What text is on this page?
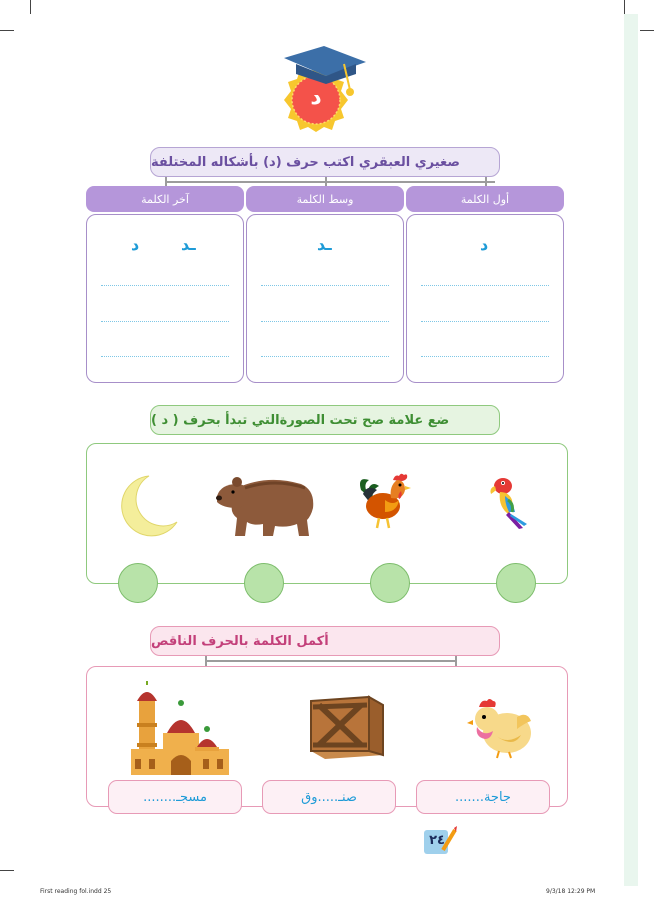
د
صغيري العبقري اكتب حرف (د) بأشكاله المختلفة
أول الكلمة
وسط الكلمة
آخر الكلمة
د
ـد
ـد
د
ضع علامة صح تحت الصورةالتي تبدأ بحرف ( د )
أكمل الكلمة بالحرف الناقص
جاجة.......
صنـ.....وق
مسجـ........
٢٤
First reading fol.indd 25	9/3/18 12:29 PM
